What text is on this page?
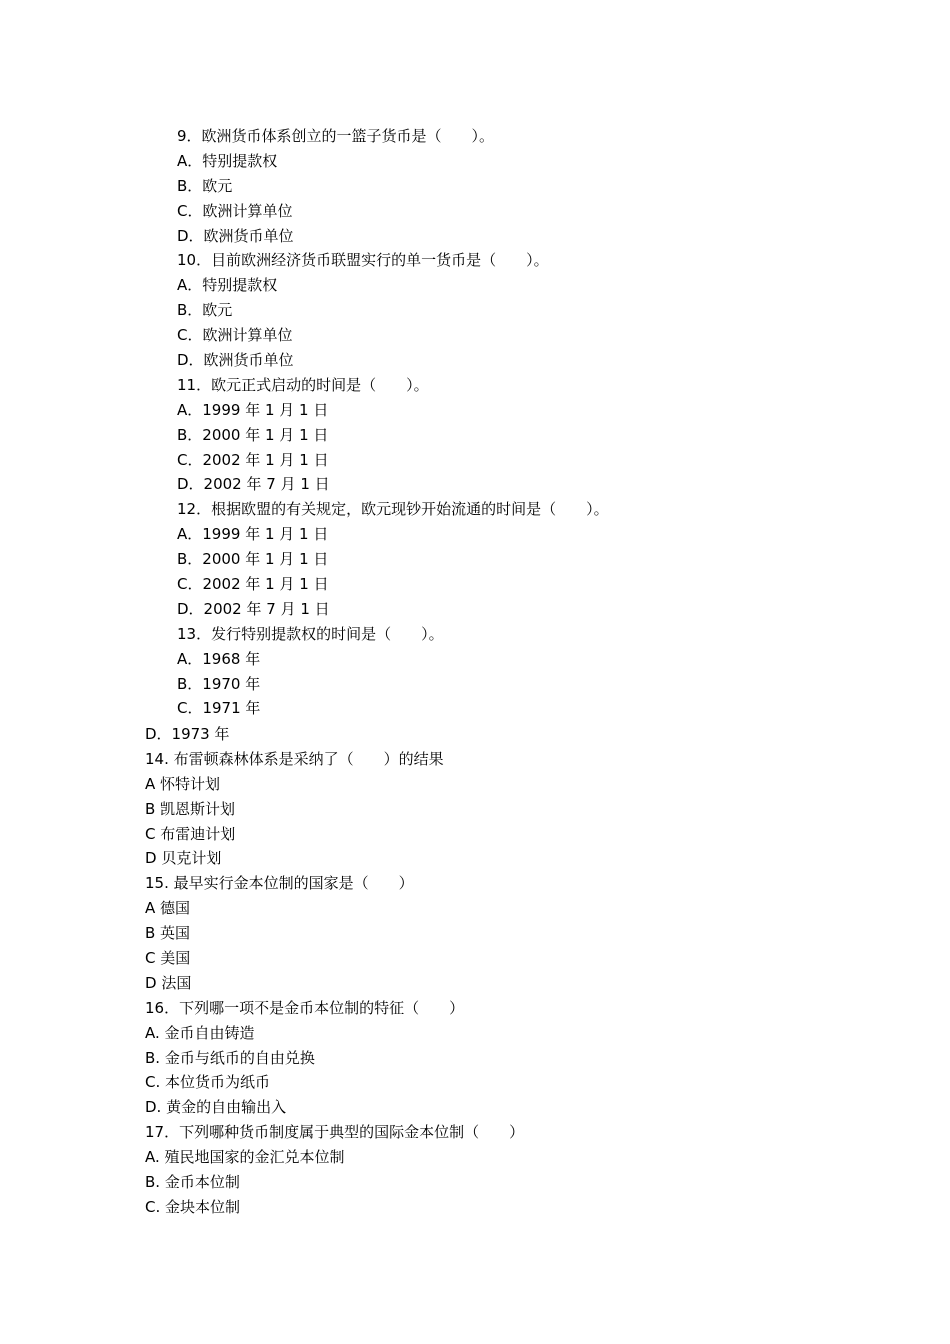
9．欧洲货币体系创立的一篮子货币是（　　）。
A．特别提款权
B．欧元
C．欧洲计算单位
D．欧洲货币单位
10．目前欧洲经济货币联盟实行的单一货币是（　　）。
A．特别提款权
B．欧元
C．欧洲计算单位
D．欧洲货币单位
11．欧元正式启动的时间是（　　）。
A．1999 年 1 月 1 日
B．2000 年 1 月 1 日
C．2002 年 1 月 1 日
D．2002 年 7 月 1 日
12．根据欧盟的有关规定，欧元现钞开始流通的时间是（　　）。
A．1999 年 1 月 1 日
B．2000 年 1 月 1 日
C．2002 年 1 月 1 日
D．2002 年 7 月 1 日
13．发行特别提款权的时间是（　　）。
A．1968 年
B．1970 年
C．1971 年
D．1973 年
14. 布雷顿森林体系是采纳了（　　）的结果
A 怀特计划
B 凯恩斯计划
C 布雷迪计划
D 贝克计划
15. 最早实行金本位制的国家是（　　）
A 德国
B 英国
C 美国
D 法国
16．下列哪一项不是金币本位制的特征（　　）
A. 金币自由铸造
B. 金币与纸币的自由兑换
C. 本位货币为纸币
D. 黄金的自由输出入
17．下列哪种货币制度属于典型的国际金本位制（　　）
A. 殖民地国家的金汇兑本位制
B. 金币本位制
C. 金块本位制
